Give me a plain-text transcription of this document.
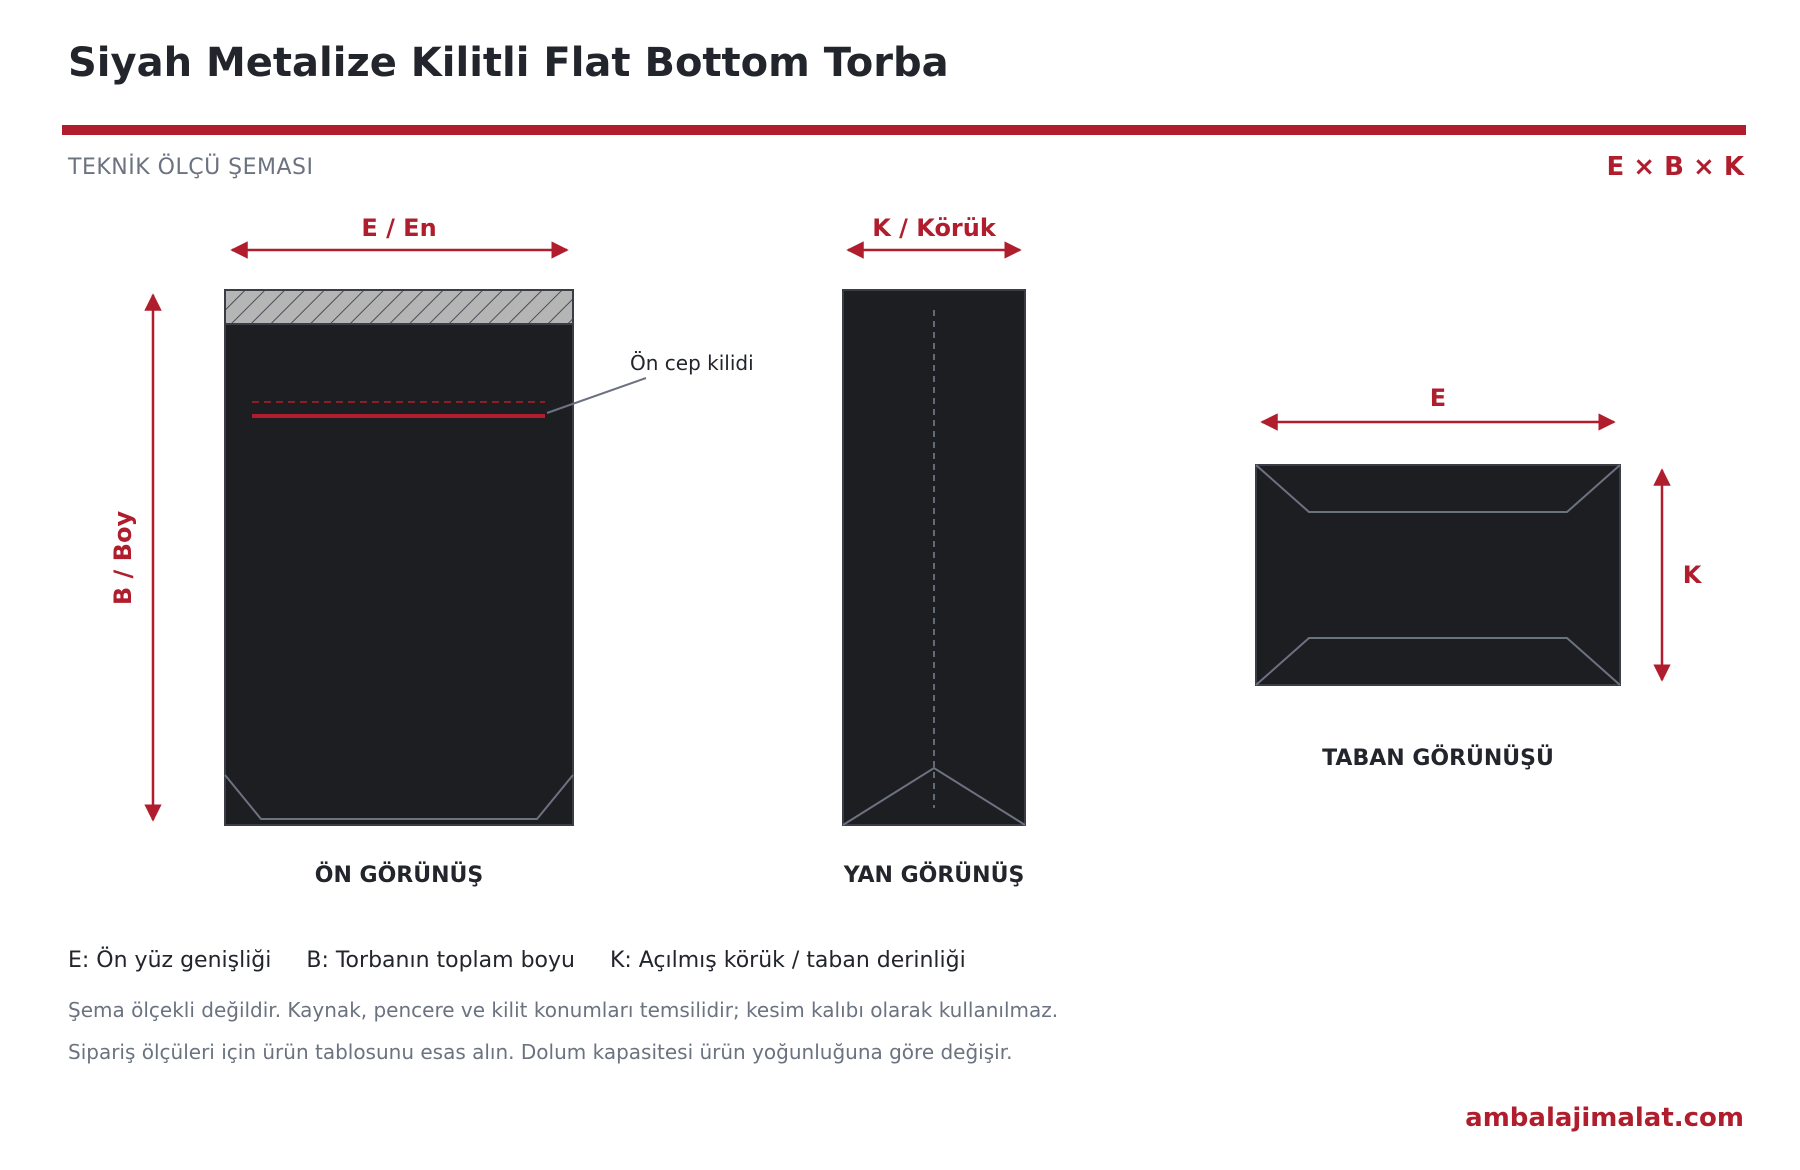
Siyah Metalize Kilitli Flat Bottom Torba
TEKNİK ÖLÇÜ ŞEMASI	E × B × K
E / En
B / Boy
Ön cep kilidi
ÖN GÖRÜNÜŞ
K / Körük
YAN GÖRÜNÜŞ
E
K
TABAN GÖRÜNÜŞÜ
E: Ön yüz genişliği B: Torbanın toplam boyu K: Açılmış körük / taban derinliği
Şema ölçekli değildir. Kaynak, pencere ve kilit konumları temsilidir; kesim kalıbı olarak kullanılmaz.
Sipariş ölçüleri için ürün tablosunu esas alın. Dolum kapasitesi ürün yoğunluğuna göre değişir.
ambalajimalat.com
